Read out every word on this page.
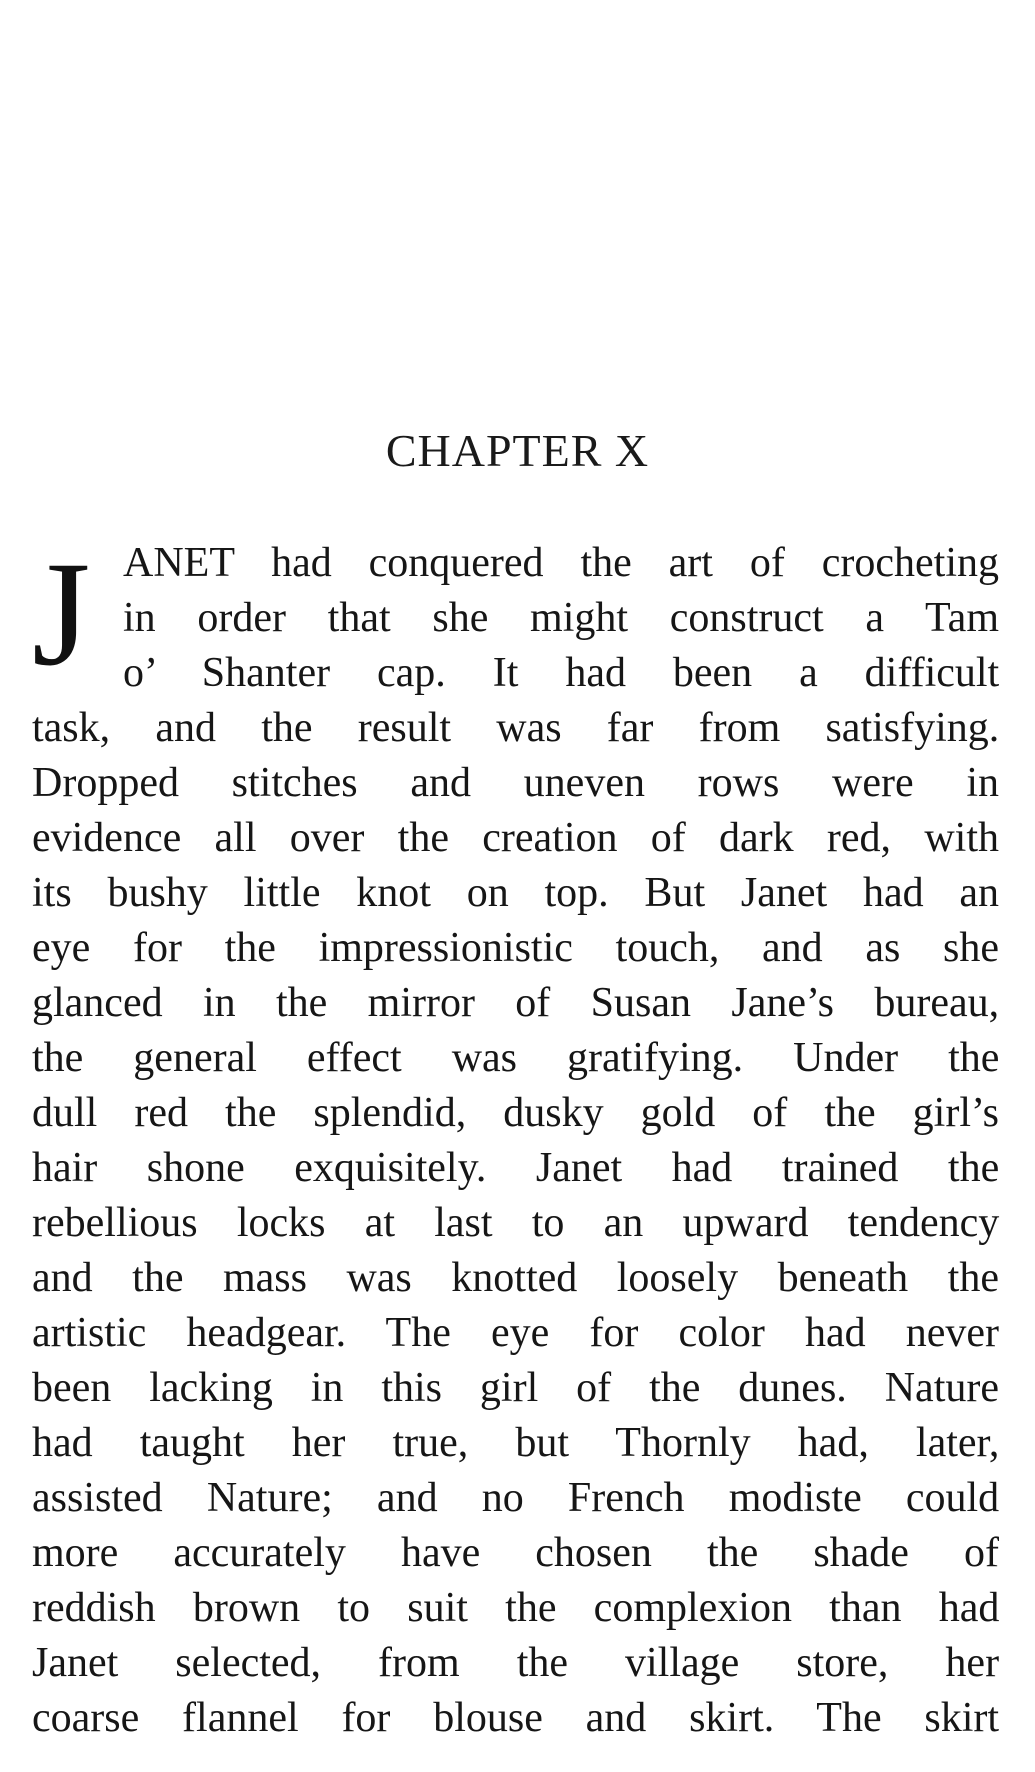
CHAPTER X
J ANET had conquered the art of crocheting
in order that she might construct a Tam
o’ Shanter cap. It had been a difficult
task, and the result was far from satisfying.
Dropped stitches and uneven rows were in
evidence all over the creation of dark red, with
its bushy little knot on top. But Janet had an
eye for the impressionistic touch, and as she
glanced in the mirror of Susan Jane’s bureau,
the general effect was gratifying. Under the
dull red the splendid, dusky gold of the girl’s
hair shone exquisitely. Janet had trained the
rebellious locks at last to an upward tendency
and the mass was knotted loosely beneath the
artistic headgear. The eye for color had never
been lacking in this girl of the dunes. Nature
had taught her true, but Thornly had, later,
assisted Nature; and no French modiste could
more accurately have chosen the shade of
reddish brown to suit the complexion than had
Janet selected, from the village store, her
coarse flannel for blouse and skirt. The skirt
